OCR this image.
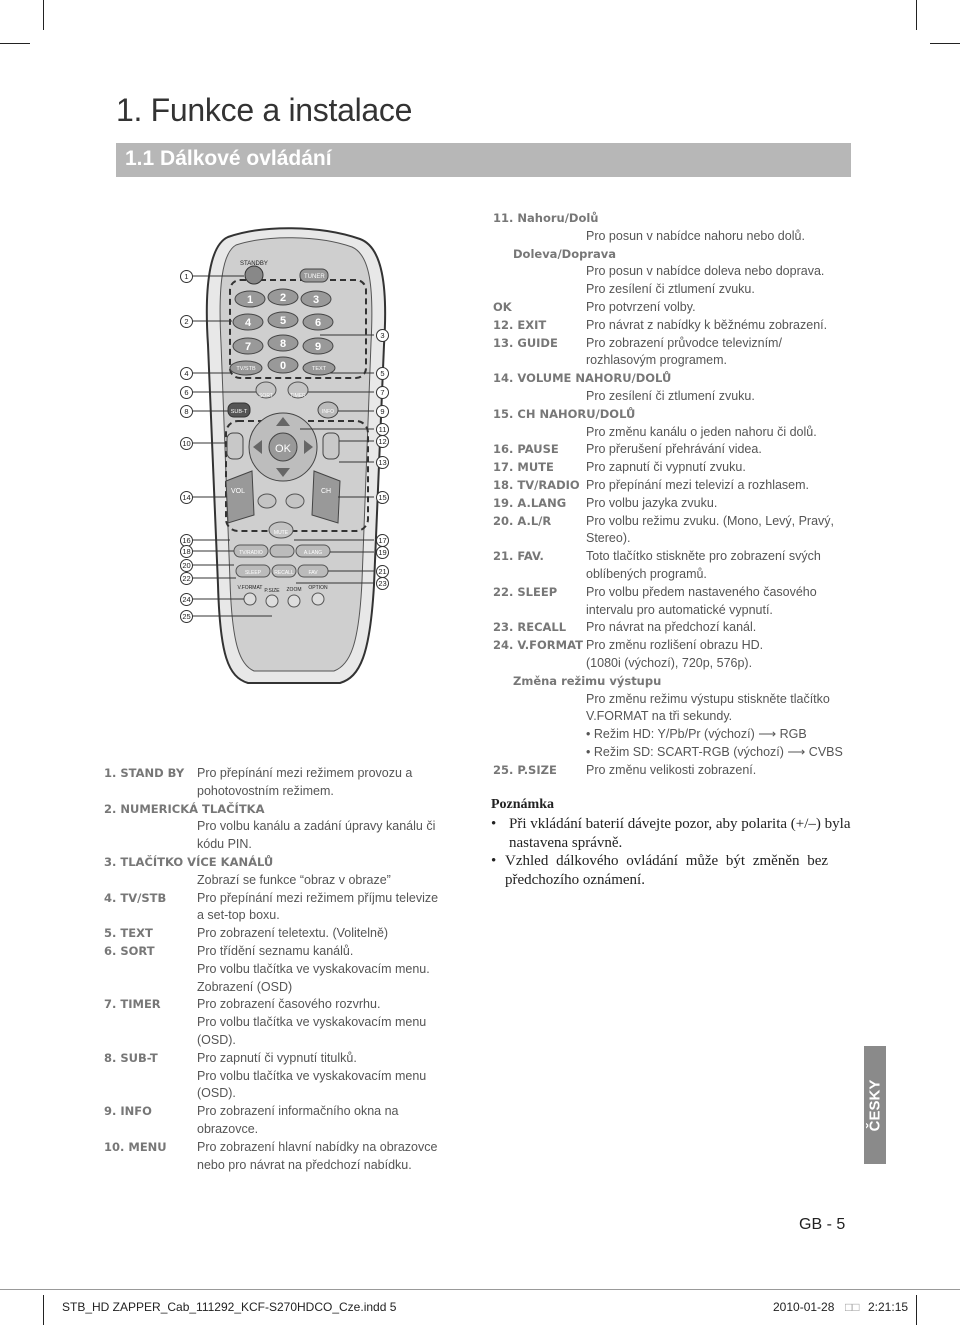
1. Funkce a instalace
1.1 Dálkové ovládání
STANDBY
TUNER
1 2 3
4	5	6
7	8	9
0
TV/STB	TEXT
SORT	TIMER
SUB-T	INFO
OK
VOL	CH
MUTE
TV/RADIO	A.LANG
SLEEP	RECALL	FAV
V.FORMAT P.SIZE ZOOM OPTION
1
2
4
6
8
10
14
16
18
20
22
24
25
3
5
7
9
11
12
13
15
17
19
21
23
1. STAND BY Pro přepínání mezi režimem provozu a
pohotovostním režimem.
2. NUMERICKÁ TLAČÍTKA
Pro volbu kanálu a zadání úpravy kanálu či
kódu PIN.
3. TLAČÍTKO VÍCE KANÁLŮ
Zobrazí se funkce “obraz v obraze”
4. TV/STB Pro přepínání mezi režimem příjmu televize
a set-top boxu.
5. TEXT	Pro zobrazení teletextu. (Volitelně)
6. SORT	Pro třídění seznamu kanálů.
Pro volbu tlačítka ve vyskakovacím menu.
Zobrazení (OSD)
7. TIMER	Pro zobrazení časového rozvrhu.
Pro volbu tlačítka ve vyskakovacím menu
(OSD).
8. SUB-T	Pro zapnutí či vypnutí titulků.
Pro volbu tlačítka ve vyskakovacím menu
(OSD).
9. INFO	Pro zobrazení informačního okna na
obrazovce.
10. MENU Pro zobrazení hlavní nabídky na obrazovce
nebo pro návrat na předchozí nabídku.
11. Nahoru/Dolů
Pro posun v nabídce nahoru nebo dolů.
Doleva/Doprava
Pro posun v nabídce doleva nebo doprava.
Pro zesílení či ztlumení zvuku.
OK	Pro potvrzení volby.
12. EXIT	Pro návrat z nabídky k běžnému zobrazení.
13. GUIDE Pro zobrazení průvodce televizním/
rozhlasovým programem.
14. VOLUME NAHORU/DOLŮ
Pro zesílení či ztlumení zvuku.
15. CH NAHORU/DOLŮ
Pro změnu kanálu o jeden nahoru či dolů.
16. PAUSE Pro přerušení přehrávání videa.
17. MUTE	Pro zapnutí či vypnutí zvuku.
18. TV/RADIO Pro přepínání mezi televizí a rozhlasem.
19. A.LANG Pro volbu jazyka zvuku.
20. A.L/R	Pro volbu režimu zvuku. (Mono, Levý, Pravý,
Stereo).
21. FAV.	Toto tlačítko stiskněte pro zobrazení svých
oblíbených programů.
22. SLEEP Pro volbu předem nastaveného časového
intervalu pro automatické vypnutí.
23. RECALL Pro návrat na předchozí kanál.
24. V.FORMAT Pro změnu rozlišení obrazu HD.
(1080i (výchozí), 720p, 576p).
Změna režimu výstupu
Pro změnu režimu výstupu stiskněte tlačítko
V.FORMAT na tři sekundy.
• Režim HD: Y/Pb/Pr (výchozí) ⟶ RGB
• Režim SD: SCART-RGB (výchozí) ⟶ CVBS
25. P.SIZE Pro změnu velikosti zobrazení.
Poznámka
• Při vkládání baterií dávejte pozor, aby polarita (+/–) byla
nastavena správně.
• Vzhled dálkového ovládání může být změněn bez
předchozího oznámení.
ČESKY
GB - 5
STB_HD ZAPPER_Cab_111292_KCF-S270HDCO_Cze.indd 5	2010-01-28 □□ 2:21:15
